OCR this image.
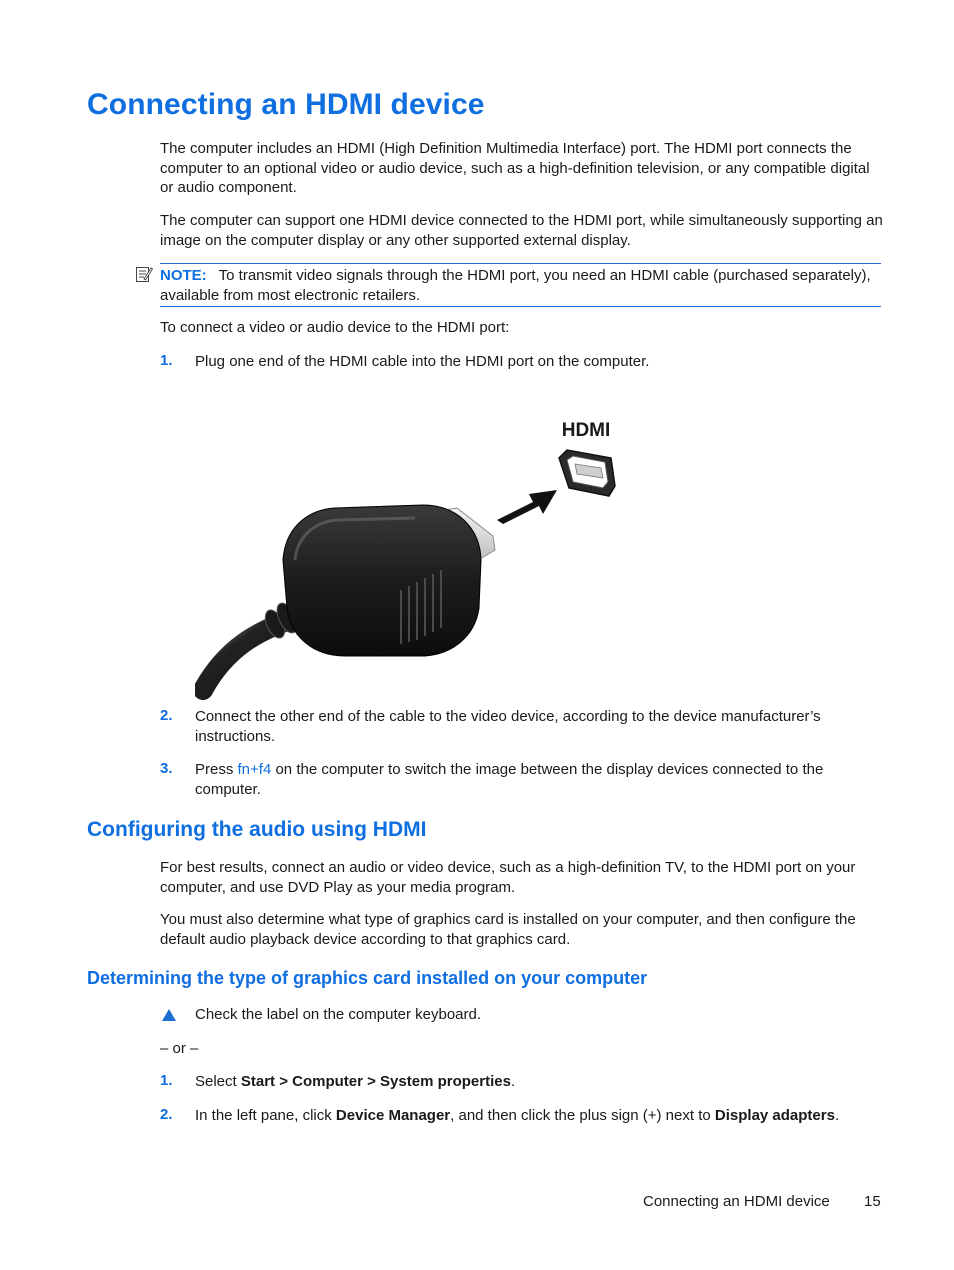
Connecting an HDMI device
The computer includes an HDMI (High Definition Multimedia Interface) port. The HDMI port connects the computer to an optional video or audio device, such as a high-definition television, or any compatible digital or audio component.
The computer can support one HDMI device connected to the HDMI port, while simultaneously supporting an image on the computer display or any other supported external display.
NOTE: To transmit video signals through the HDMI port, you need an HDMI cable (purchased separately), available from most electronic retailers.
To connect a video or audio device to the HDMI port:
1. Plug one end of the HDMI cable into the HDMI port on the computer.
HDMI
2. Connect the other end of the cable to the video device, according to the device manufacturer’s instructions.
3. Press fn+f4 on the computer to switch the image between the display devices connected to the computer.
Configuring the audio using HDMI
For best results, connect an audio or video device, such as a high-definition TV, to the HDMI port on your computer, and use DVD Play as your media program.
You must also determine what type of graphics card is installed on your computer, and then configure the default audio playback device according to that graphics card.
Determining the type of graphics card installed on your computer
Check the label on the computer keyboard.
– or –
1. Select Start > Computer > System properties.
2. In the left pane, click Device Manager, and then click the plus sign (+) next to Display adapters.
Connecting an HDMI device 15
